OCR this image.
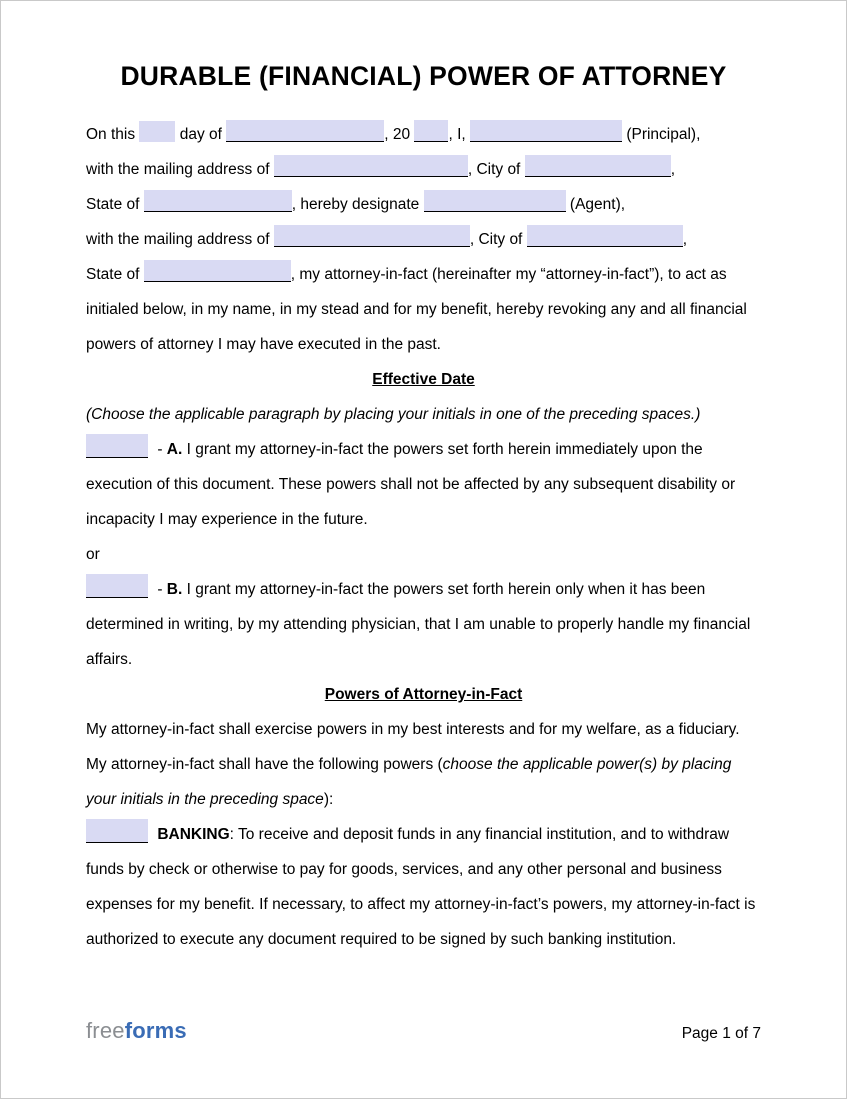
DURABLE (FINANCIAL) POWER OF ATTORNEY

On this	day of	, 20 , I,	(Principal),
with the mailing address of	, City of	,
State of	, hereby designate	(Agent),
with the mailing address of	, City of	,
State of	, my attorney-in-fact (hereinafter my “attorney-in-fact”), to act as initialed below, in my name, in my stead and for my benefit, hereby revoking any and all financial powers of attorney I may have executed in the past.

Effective Date

(Choose the applicable paragraph by placing your initials in one of the preceding spaces.)

- A. I grant my attorney-in-fact the powers set forth herein immediately upon the execution of this document. These powers shall not be affected by any subsequent disability or incapacity I may experience in the future.

or

- B. I grant my attorney-in-fact the powers set forth herein only when it has been determined in writing, by my attending physician, that I am unable to properly handle my financial affairs.

Powers of Attorney-in-Fact

My attorney-in-fact shall exercise powers in my best interests and for my welfare, as a fiduciary.

My attorney-in-fact shall have the following powers (choose the applicable power(s) by placing your initials in the preceding space):

BANKING: To receive and deposit funds in any financial institution, and to withdraw funds by check or otherwise to pay for goods, services, and any other personal and business expenses for my benefit. If necessary, to affect my attorney-in-fact’s powers, my attorney-in-fact is authorized to execute any document required to be signed by such banking institution.

freeforms	Page 1 of 7
